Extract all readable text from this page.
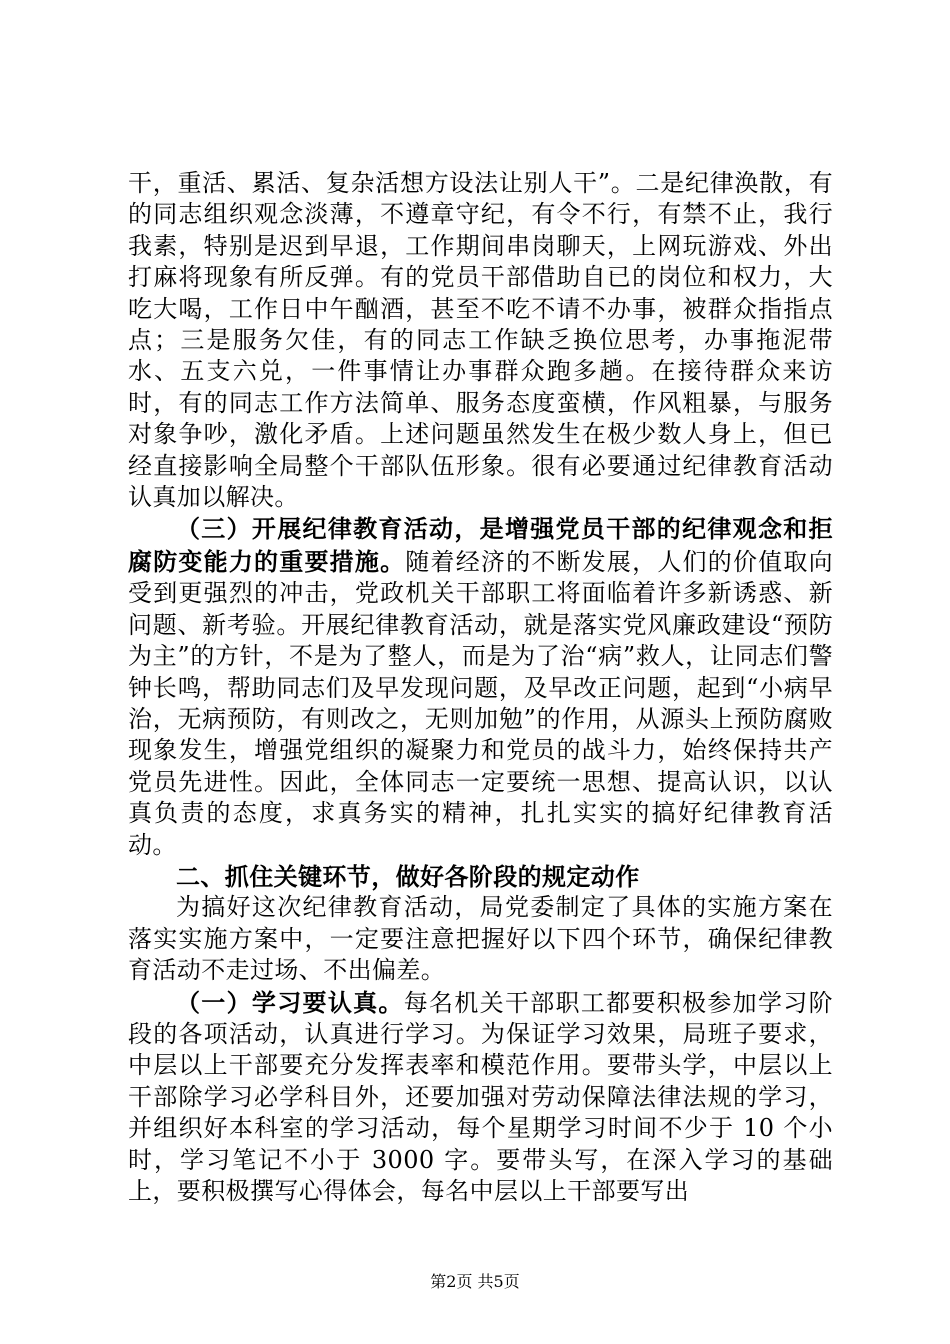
干，重活、累活、复杂活想方设法让别人干”。二是纪律涣散，有的同志组织观念淡薄，不遵章守纪，有令不行，有禁不止，我行我素，特别是迟到早退，工作期间串岗聊天，上网玩游戏、外出打麻将现象有所反弹。有的党员干部借助自已的岗位和权力，大吃大喝，工作日中午酗酒，甚至不吃不请不办事，被群众指指点点；三是服务欠佳，有的同志工作缺乏换位思考，办事拖泥带水、五支六兑，一件事情让办事群众跑多趟。在接待群众来访时，有的同志工作方法简单、服务态度蛮横，作风粗暴，与服务对象争吵，激化矛盾。上述问题虽然发生在极少数人身上，但已经直接影响全局整个干部队伍形象。很有必要通过纪律教育活动认真加以解决。

（三）开展纪律教育活动，是增强党员干部的纪律观念和拒腐防变能力的重要措施。随着经济的不断发展，人们的价值取向受到更强烈的冲击，党政机关干部职工将面临着许多新诱惑、新问题、新考验。开展纪律教育活动，就是落实党风廉政建设“预防为主”的方针，不是为了整人，而是为了治“病”救人，让同志们警钟长鸣，帮助同志们及早发现问题，及早改正问题，起到“小病早治，无病预防，有则改之，无则加勉”的作用，从源头上预防腐败现象发生，增强党组织的凝聚力和党员的战斗力，始终保持共产党员先进性。因此，全体同志一定要统一思想、提高认识，以认真负责的态度，求真务实的精神，扎扎实实的搞好纪律教育活动。

二、抓住关键环节，做好各阶段的规定动作

为搞好这次纪律教育活动，局党委制定了具体的实施方案在落实实施方案中，一定要注意把握好以下四个环节，确保纪律教育活动不走过场、不出偏差。

（一）学习要认真。每名机关干部职工都要积极参加学习阶段的各项活动，认真进行学习。为保证学习效果，局班子要求，中层以上干部要充分发挥表率和模范作用。要带头学，中层以上干部除学习必学科目外，还要加强对劳动保障法律法规的学习，并组织好本科室的学习活动，每个星期学习时间不少于 10 个小时，学习笔记不小于 3000 字。要带头写，在深入学习的基础上，要积极撰写心得体会，每名中层以上干部要写出

第2页 共5页
